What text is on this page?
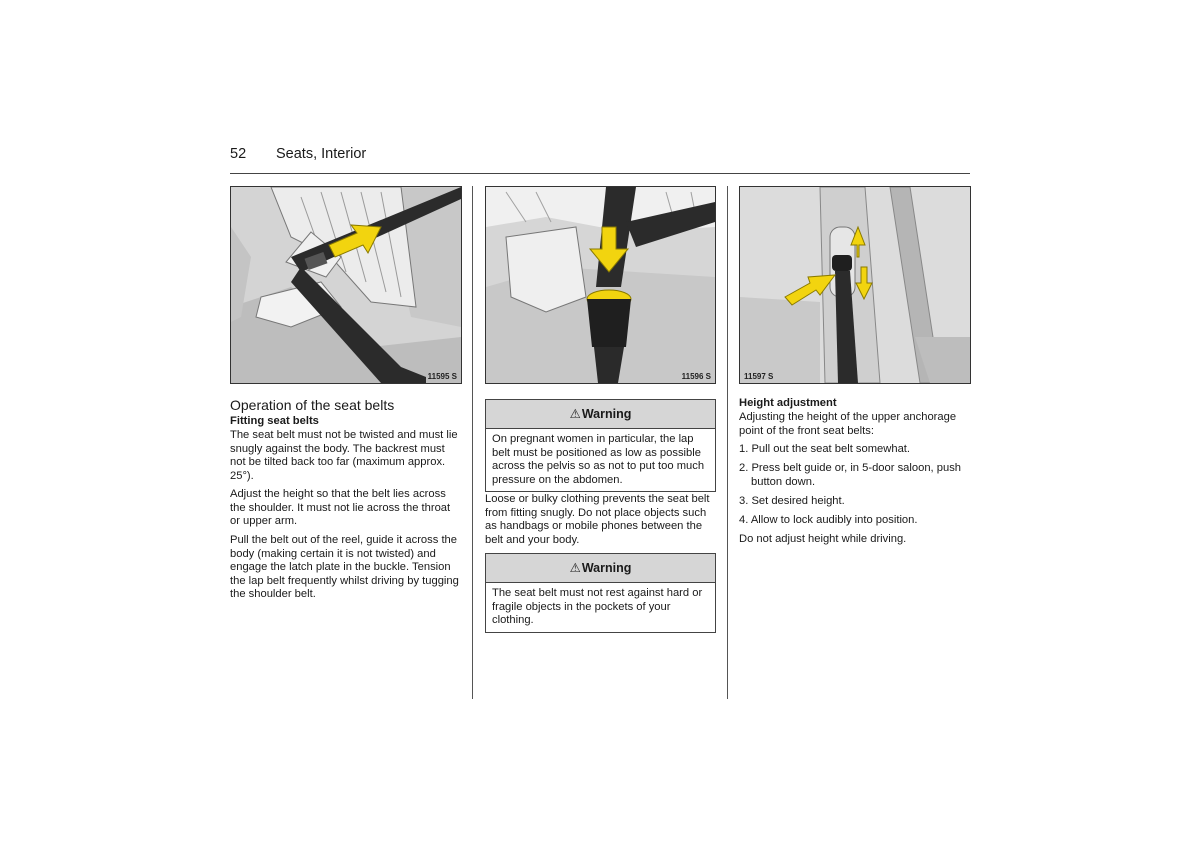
52 Seats, Interior
11595 S	11596 S	11597 S
Operation of the seat belts
Fitting seat belts

The seat belt must not be twisted and must lie snugly against the body. The backrest must not be tilted back too far (maximum approx. 25°).

Adjust the height so that the belt lies across the shoulder. It must not lie across the throat or upper arm.

Pull the belt out of the reel, guide it across the body (making certain it is not twisted) and engage the latch plate in the buckle. Tension the lap belt frequently whilst driving by tugging the shoulder belt.

⚠Warning
On pregnant women in particular, the lap belt must be positioned as low as possible across the pelvis so as not to put too much pressure on the abdomen.

Loose or bulky clothing prevents the seat belt from fitting snugly. Do not place objects such as handbags or mobile phones between the belt and your body.

⚠Warning
The seat belt must not rest against hard or fragile objects in the pockets of your clothing.
Height adjustment

Adjusting the height of the upper anchorage point of the front seat belts:

1. Pull out the seat belt somewhat.

2. Press belt guide or, in 5-door saloon, push button down.

3. Set desired height.

4. Allow to lock audibly into position.

Do not adjust height while driving.
